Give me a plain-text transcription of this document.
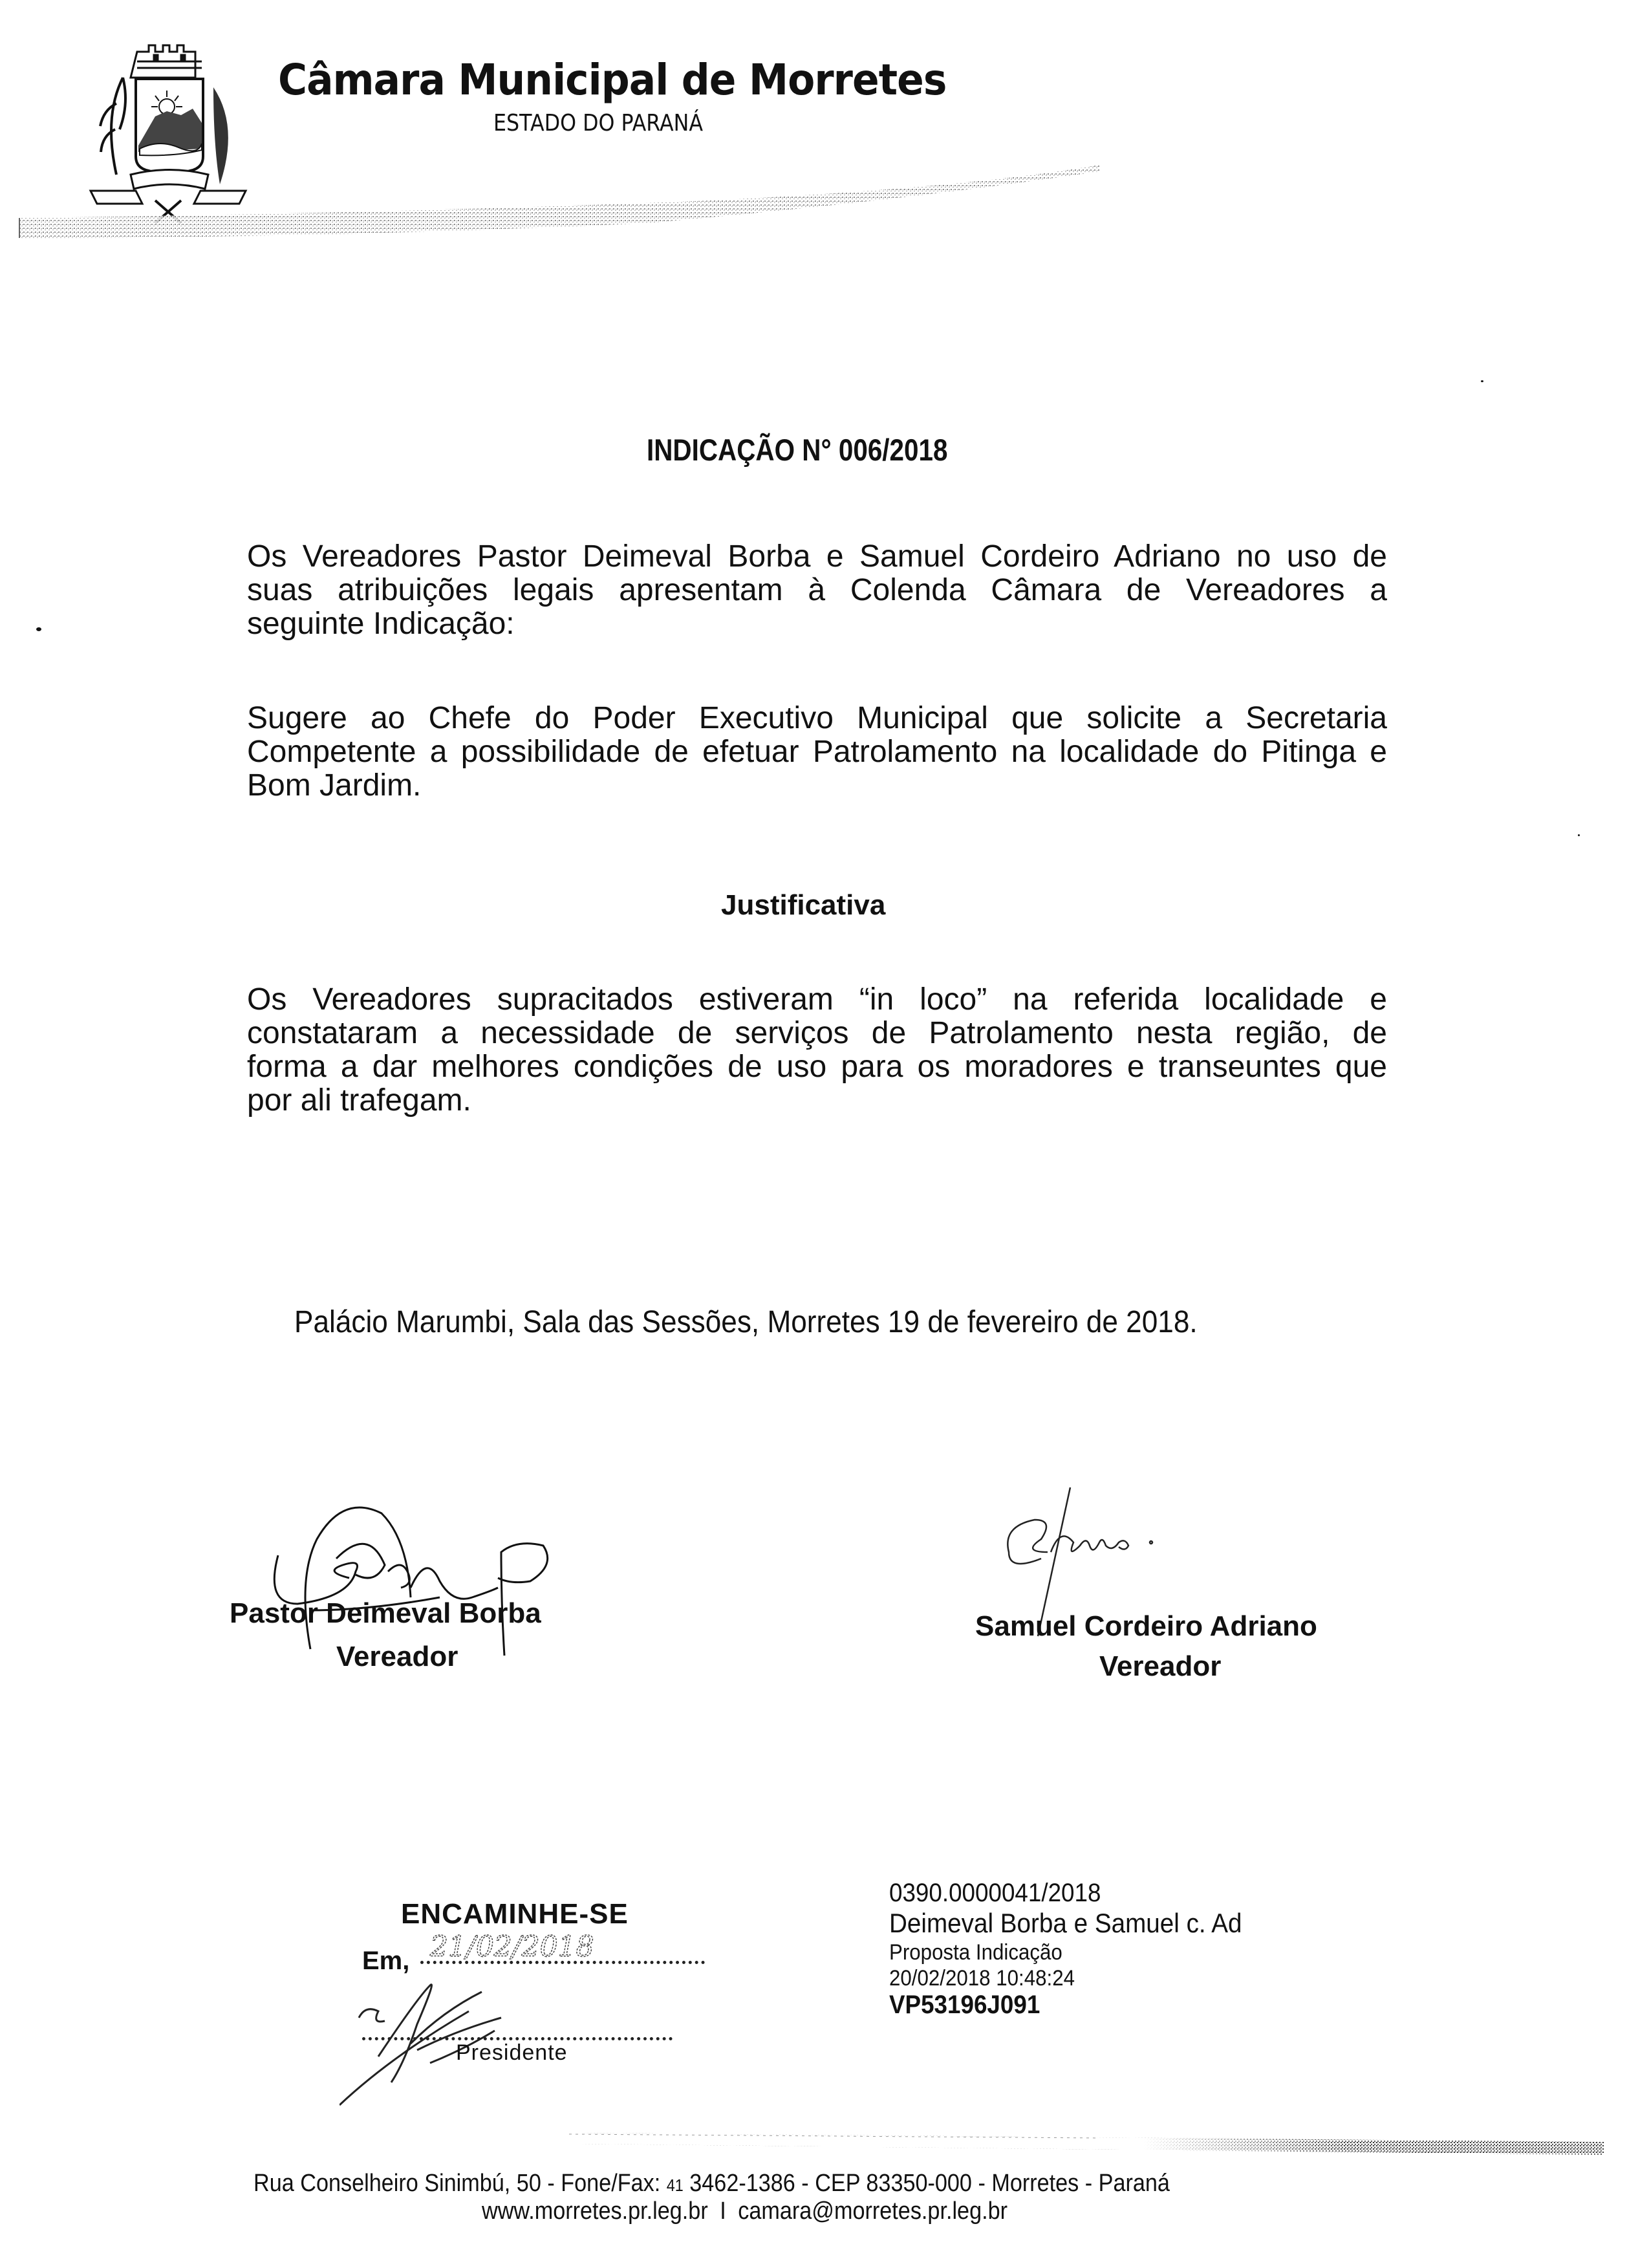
Câmara Municipal de Morretes
ESTADO DO PARANÁ
INDICAÇÃO N° 006/2018
Os Vereadores Pastor Deimeval Borba e Samuel Cordeiro Adriano no uso de
suas atribuições legais apresentam à Colenda Câmara de Vereadores a
seguinte Indicação:
Sugere ao Chefe do Poder Executivo Municipal que solicite a Secretaria
Competente a possibilidade de efetuar Patrolamento na localidade do Pitinga e
Bom Jardim.
Justificativa
Os Vereadores supracitados estiveram “in loco” na referida localidade e
constataram a necessidade de serviços de Patrolamento nesta região, de
forma a dar melhores condições de uso para os moradores e transeuntes que
por ali trafegam.
Palácio Marumbi, Sala das Sessões, Morretes 19 de fevereiro de 2018.
Pastor Deimeval Borba
Vereador
Samuel Cordeiro Adriano
Vereador
ENCAMINHE-SE
Em, 21/02/2018
Presidente
0390.0000041/2018
Deimeval Borba e Samuel c. Ad
Proposta Indicação
20/02/2018 10:48:24
VP53196J091
Rua Conselheiro Sinimbú, 50 - Fone/Fax: 41 3462-1386 - CEP 83350-000 - Morretes - Paraná
www.morretes.pr.leg.br I camara@morretes.pr.leg.br
